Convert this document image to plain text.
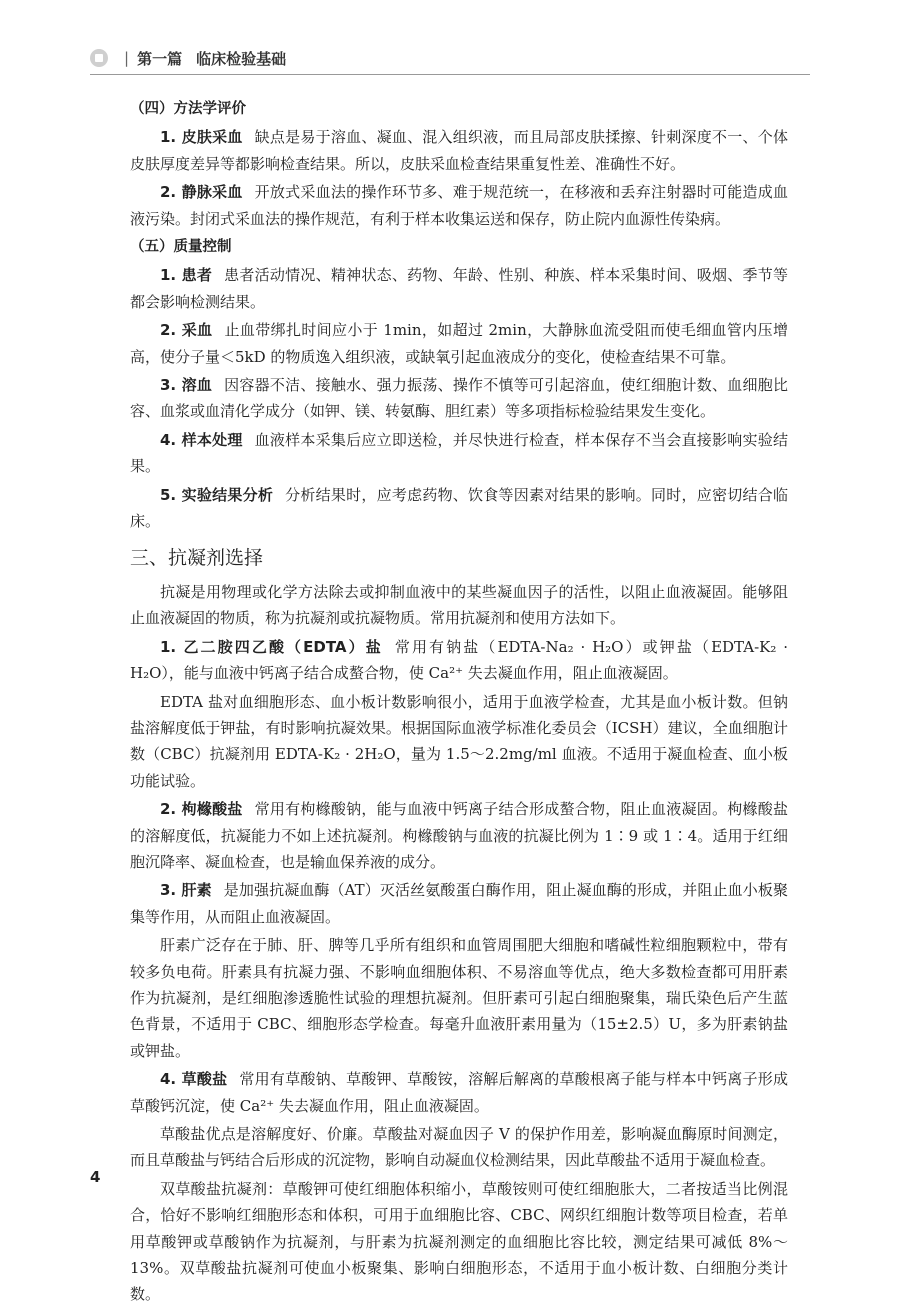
| 第一篇 临床检验基础
（四）方法学评价

1. 皮肤采血 缺点是易于溶血、凝血、混入组织液，而且局部皮肤揉擦、针刺深度不一、个体皮肤厚度差异等都影响检查结果。所以，皮肤采血检查结果重复性差、准确性不好。

2. 静脉采血 开放式采血法的操作环节多、难于规范统一，在移液和丢弃注射器时可能造成血液污染。封闭式采血法的操作规范，有利于样本收集运送和保存，防止院内血源性传染病。

（五）质量控制

1. 患者 患者活动情况、精神状态、药物、年龄、性别、种族、样本采集时间、吸烟、季节等都会影响检测结果。

2. 采血 止血带绑扎时间应小于 1min，如超过 2min，大静脉血流受阻而使毛细血管内压增高，使分子量＜5kD 的物质逸入组织液，或缺氧引起血液成分的变化，使检查结果不可靠。

3. 溶血 因容器不洁、接触水、强力振荡、操作不慎等可引起溶血，使红细胞计数、血细胞比容、血浆或血清化学成分（如钾、镁、转氨酶、胆红素）等多项指标检验结果发生变化。

4. 样本处理 血液样本采集后应立即送检，并尽快进行检查，样本保存不当会直接影响实验结果。

5. 实验结果分析 分析结果时，应考虑药物、饮食等因素对结果的影响。同时，应密切结合临床。

三、抗凝剂选择

抗凝是用物理或化学方法除去或抑制血液中的某些凝血因子的活性，以阻止血液凝固。能够阻止血液凝固的物质，称为抗凝剂或抗凝物质。常用抗凝剂和使用方法如下。

1. 乙二胺四乙酸（EDTA）盐 常用有钠盐（EDTA-Na₂ · H₂O）或钾盐（EDTA-K₂ · H₂O），能与血液中钙离子结合成螯合物，使 Ca²⁺ 失去凝血作用，阻止血液凝固。

EDTA 盐对血细胞形态、血小板计数影响很小，适用于血液学检查，尤其是血小板计数。但钠盐溶解度低于钾盐，有时影响抗凝效果。根据国际血液学标准化委员会（ICSH）建议，全血细胞计数（CBC）抗凝剂用 EDTA-K₂ · 2H₂O，量为 1.5～2.2mg/ml 血液。不适用于凝血检查、血小板功能试验。

2. 枸橼酸盐 常用有枸橼酸钠，能与血液中钙离子结合形成螯合物，阻止血液凝固。枸橼酸盐的溶解度低，抗凝能力不如上述抗凝剂。枸橼酸钠与血液的抗凝比例为 1∶9 或 1∶4。适用于红细胞沉降率、凝血检查，也是输血保养液的成分。

3. 肝素 是加强抗凝血酶（AT）灭活丝氨酸蛋白酶作用，阻止凝血酶的形成，并阻止血小板聚集等作用，从而阻止血液凝固。

肝素广泛存在于肺、肝、脾等几乎所有组织和血管周围肥大细胞和嗜碱性粒细胞颗粒中，带有较多负电荷。肝素具有抗凝力强、不影响血细胞体积、不易溶血等优点，绝大多数检查都可用肝素作为抗凝剂，是红细胞渗透脆性试验的理想抗凝剂。但肝素可引起白细胞聚集，瑞氏染色后产生蓝色背景，不适用于 CBC、细胞形态学检查。每毫升血液肝素用量为（15±2.5）U，多为肝素钠盐或钾盐。

4. 草酸盐 常用有草酸钠、草酸钾、草酸铵，溶解后解离的草酸根离子能与样本中钙离子形成草酸钙沉淀，使 Ca²⁺ 失去凝血作用，阻止血液凝固。

草酸盐优点是溶解度好、价廉。草酸盐对凝血因子 Ⅴ 的保护作用差，影响凝血酶原时间测定，而且草酸盐与钙结合后形成的沉淀物，影响自动凝血仪检测结果，因此草酸盐不适用于凝血检查。

双草酸盐抗凝剂：草酸钾可使红细胞体积缩小，草酸铵则可使红细胞胀大，二者按适当比例混合，恰好不影响红细胞形态和体积，可用于血细胞比容、CBC、网织红细胞计数等项目检查，若单用草酸钾或草酸钠作为抗凝剂，与肝素为抗凝剂测定的血细胞比容比较，测定结果可减低 8%～13%。双草酸盐抗凝剂可使血小板聚集、影响白细胞形态，不适用于血小板计数、白细胞分类计数。

4
